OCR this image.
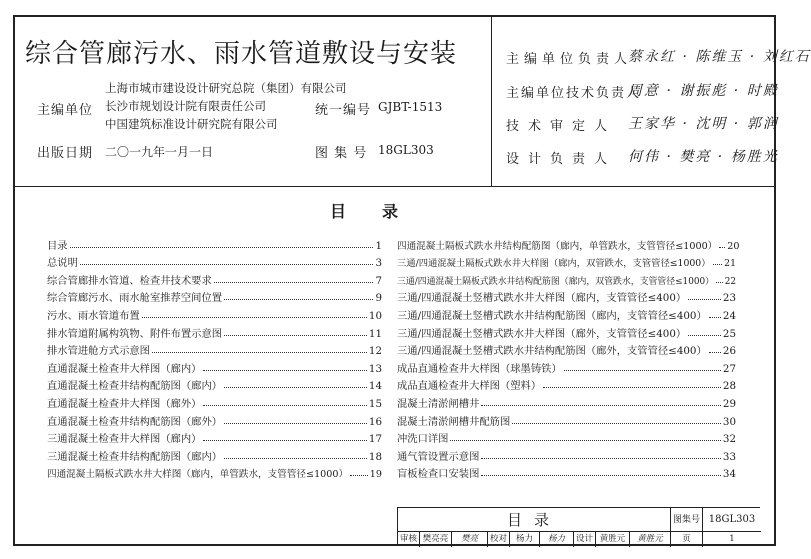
综合管廊污水、雨水管道敷设与安装
主编单位
上海市城市建设设计研究总院（集团）有限公司
长沙市规划设计院有限责任公司
中国建筑标准设计研究院有限公司
统一编号 GJBT-1513
出版日期 二〇一九年一月一日	图 集 号 18GL303
主编单位负责人
蔡永红 · 陈维玉 · 刘红石
主编单位技术负责人
周意 · 谢振彪 · 时殿
技术审定人 王家华 · 沈明 · 郭润
设计负责人 何伟 · 樊亮 · 杨胜光
目录
目录	1
总说明	3
综合管廊排水管道、检查井技术要求	7
综合管廊污水、雨水舱室推荐空间位置	9
污水、雨水管道布置	10
排水管道附属构筑物、附件布置示意图	11
排水管进舱方式示意图	12
直通混凝土检查井大样图（廊内）	13
直通混凝土检查井结构配筋图（廊内）	14
直通混凝土检查井大样图（廊外）	15
直通混凝土检查井结构配筋图（廊外）	16
三通混凝土检查井大样图（廊内）	17
三通混凝土检查井结构配筋图（廊内）	18
四通混凝土隔板式跌水井大样图（廊内，单管跌水，支管管径≤1000） 19
四通混凝土隔板式跌水井结构配筋图（廊内，单管跌水，支管管径≤1000） 20
三通/四通混凝土隔板式跌水井大样图（廊内，双管跌水，支管管径≤1000） 21
三通/四通混凝土隔板式跌水井结构配筋图（廊内，双管跌水，支管管径≤1000） 22
三通/四通混凝土竖槽式跌水井大样图（廊内，支管管径≤400）	23
三通/四通混凝土竖槽式跌水井结构配筋图（廊内，支管管径≤400） 24
三通/四通混凝土竖槽式跌水井大样图（廊外，支管管径≤400）	25
三通/四通混凝土竖槽式跌水井结构配筋图（廊外，支管管径≤400） 26
成品直通检查井大样图（球墨铸铁）	27
成品直通检查井大样图（塑料）	28
混凝土清淤闸槽井	29
混凝土清淤闸槽井配筋图	30
冲洗口详图	32
通气管设置示意图	33
盲板检查口安装图	34
目录	图集号 18GL303
审核 樊亮亮	樊亮	校对	杨力	杨力	设计 黄胜元	黄胜元	页	1
